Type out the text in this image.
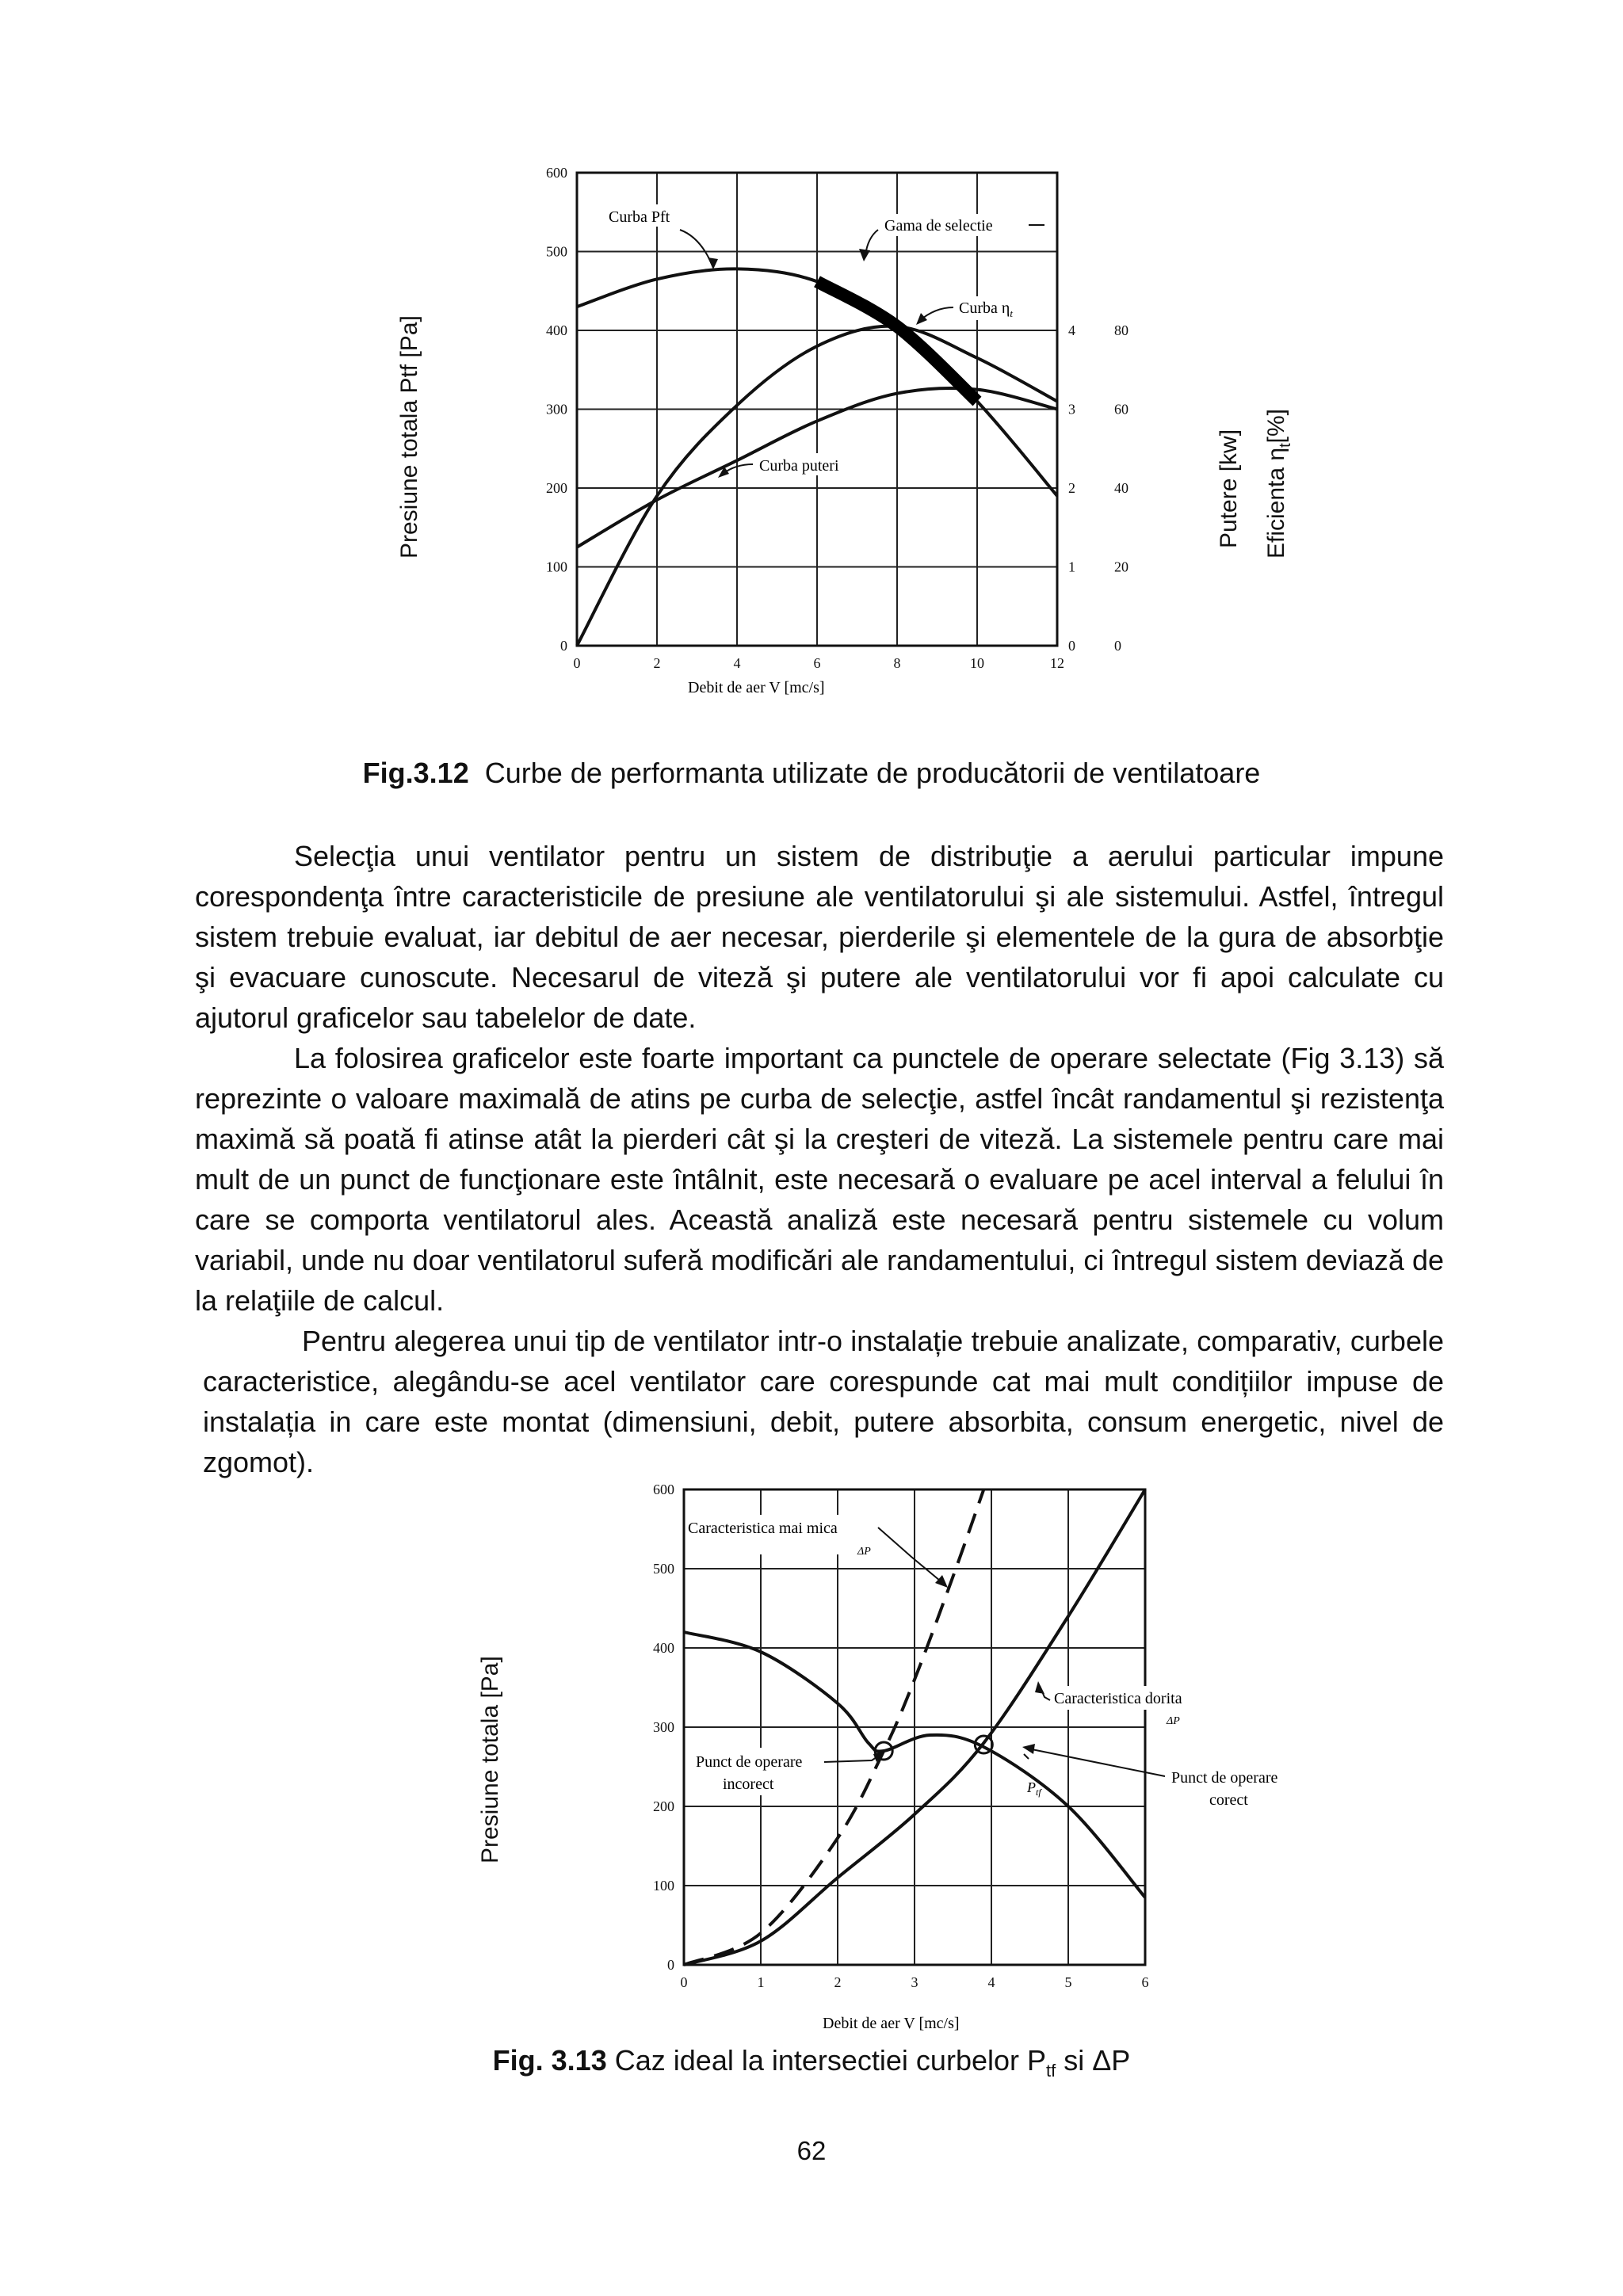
600
500
400
300
200
100
0
0	2	4	6	8	10	12
4
3
2
1
0
80
60
40
20
0
Curba Pft	Gama de selectie
Curba $\eta_t$
Curba puteri
Debit de aer V [mc/s]
Presiune totala Ptf [Pa]	Putere [kw] Eficienta $\eta_t[\%]$
600
500
400
300
200
100
0
0	1	2	3	4	5	6
Caracteristica mai mica
ΔP
Caracteristica dorita
ΔP
Punct de operare
incorect	Punct de operare
corect
$P_{tf}$
Debit de aer V [mc/s]
Presiune totala [Pa]
Fig.3.12 Curbe de performanta utilizate de producătorii de ventilatoare

Selecţia unui ventilator pentru un sistem de distribuţie a aerului particular impune corespondenţa între caracteristicile de presiune ale ventilatorului şi ale sistemului. Astfel, întregul sistem trebuie evaluat, iar debitul de aer necesar, pierderile şi elementele de la gura de absorbţie şi evacuare cunoscute. Necesarul de viteză şi putere ale ventilatorului vor fi apoi calculate cu ajutorul graficelor sau tabelelor de date.

La folosirea graficelor este foarte important ca punctele de operare selectate (Fig 3.13) să reprezinte o valoare maximală de atins pe curba de selecţie, astfel încât randamentul şi rezistenţa maximă să poată fi atinse atât la pierderi cât şi la creşteri de viteză. La sistemele pentru care mai mult de un punct de funcţionare este întâlnit, este necesară o evaluare pe acel interval a felului în care se comporta ventilatorul ales. Această analiză este necesară pentru sistemele cu volum variabil, unde nu doar ventilatorul suferă modificări ale randamentului, ci întregul sistem deviază de la relaţiile de calcul.

Pentru alegerea unui tip de ventilator intr-o instalație trebuie analizate, comparativ, curbele caracteristice, alegându-se acel ventilator care corespunde cat mai mult condițiilor impuse de instalația in care este montat (dimensiuni, debit, putere absorbita, consum energetic, nivel de zgomot).

Fig. 3.13 Caz ideal la intersectiei curbelor $P_{tf}$ si ΔP
62
